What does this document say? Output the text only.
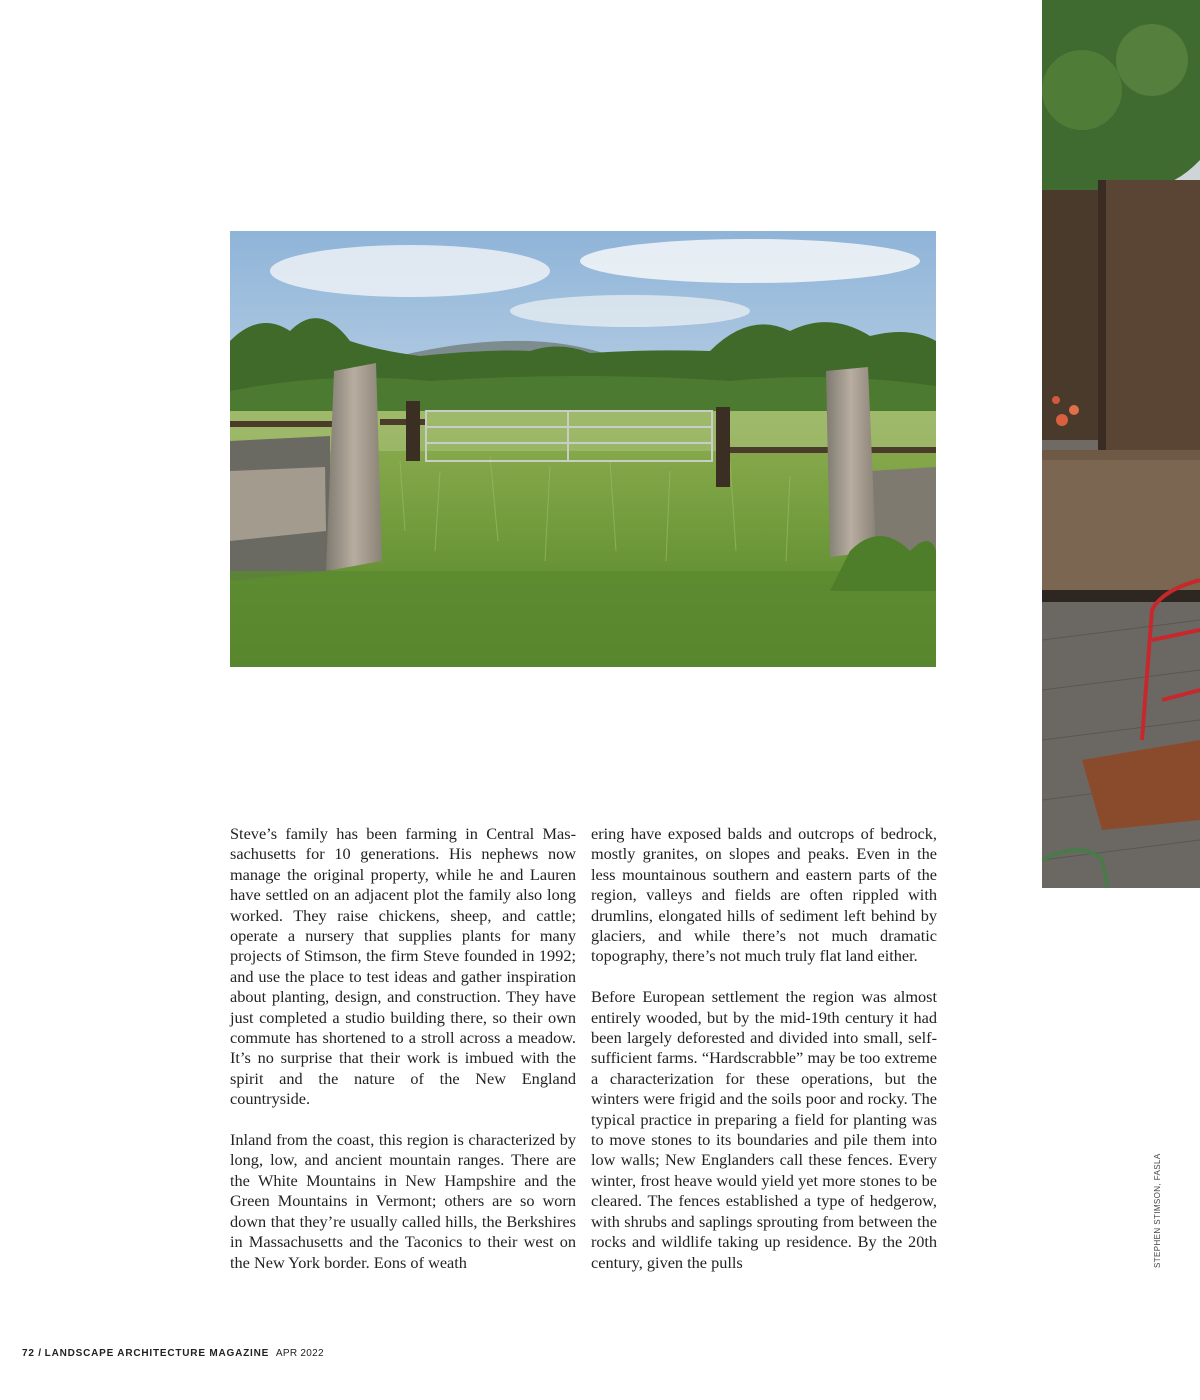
Steve’s family has been farming in Central Massachusetts for 10 generations. His nephews now manage the original property, while he and Lauren have settled on an adjacent plot the family also long worked. They raise chickens, sheep, and cattle; operate a nursery that supplies plants for many projects of Stimson, the firm Steve founded in 1992; and use the place to test ideas and gather inspiration about planting, design, and construction. They have just completed a studio building there, so their own commute has shortened to a stroll across a meadow. It’s no surprise that their work is imbued with the spirit and the nature of the New England countryside.

Inland from the coast, this region is characterized by long, low, and ancient mountain ranges. There are the White Mountains in New Hampshire and the Green Mountains in Vermont; others are so worn down that they’re usually called hills, the Berkshires in Massachusetts and the Taconics to their west on the New York border. Eons of weath

ering have exposed balds and outcrops of bedrock, mostly granites, on slopes and peaks. Even in the less mountainous southern and eastern parts of the region, valleys and fields are often rippled with drumlins, elongated hills of sediment left behind by glaciers, and while there’s not much dramatic topography, there’s not much truly flat land either.

Before European settlement the region was almost entirely wooded, but by the mid-19th century it had been largely deforested and divided into small, self-sufficient farms. “Hardscrabble” may be too extreme a characterization for these operations, but the winters were frigid and the soils poor and rocky. The typical practice in preparing a field for planting was to move stones to its boundaries and pile them into low walls; New Englanders call these fences. Every winter, frost heave would yield yet more stones to be cleared. The fences established a type of hedgerow, with shrubs and saplings sprouting from between the rocks and wildlife taking up residence. By the 20th century, given the pulls	STEPHEN STIMSON, FASLA
72 / LANDSCAPE ARCHITECTURE MAGAZINE APR 2022
